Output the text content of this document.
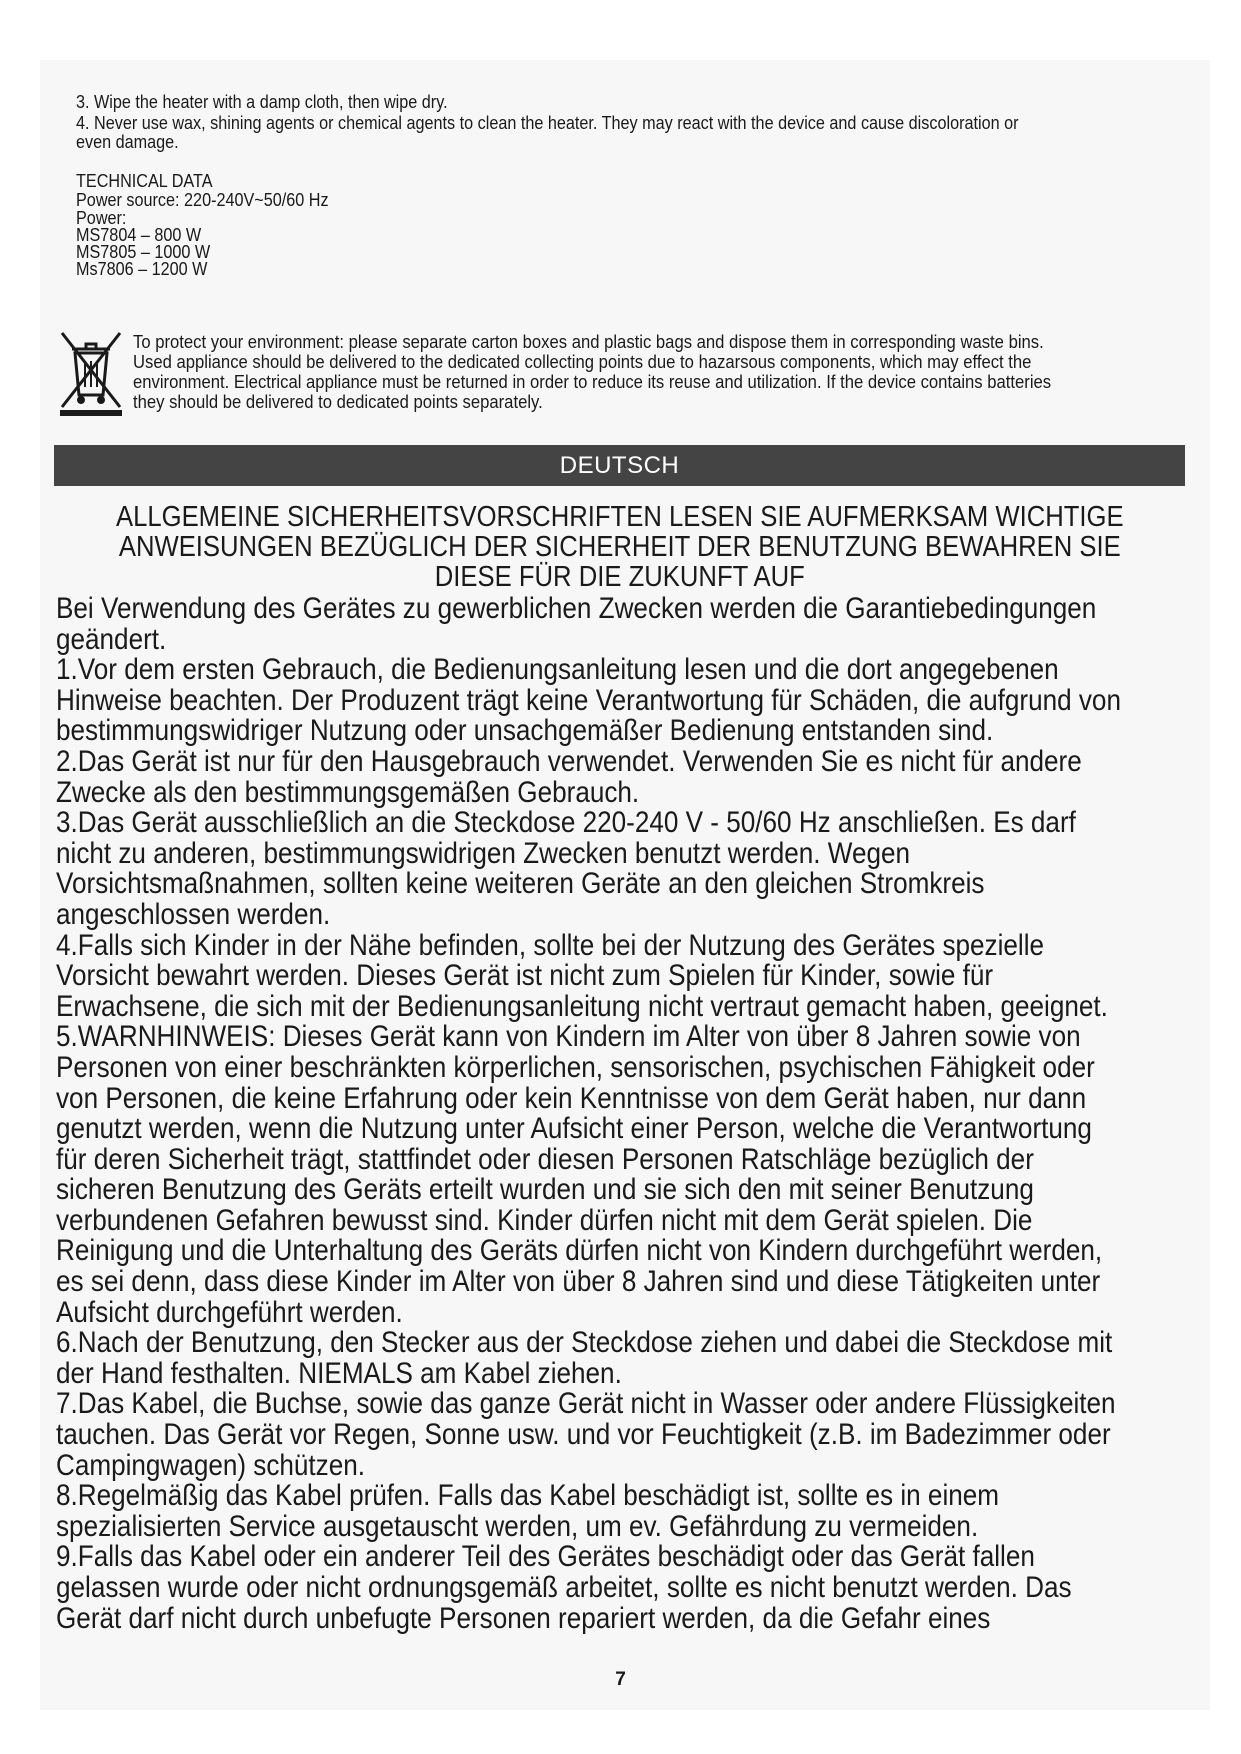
3. Wipe the heater with a damp cloth, then wipe dry.

4. Never use wax, shining agents or chemical agents to clean the heater. They may react with the device and cause discoloration or

even damage.

TECHNICAL DATA

Power source: 220-240V~50/60 Hz

Power:

MS7804 – 800 W

MS7805 – 1000 W

Ms7806 – 1200 W

To protect your environment: please separate carton boxes and plastic bags and dispose them in corresponding waste bins.

Used appliance should be delivered to the dedicated collecting points due to hazarsous components, which may effect the

environment. Electrical appliance must be returned in order to reduce its reuse and utilization. If the device contains batteries

they should be delivered to dedicated points separately.

DEUTSCH

ALLGEMEINE SICHERHEITSVORSCHRIFTEN LESEN SIE AUFMERKSAM WICHTIGE

ANWEISUNGEN BEZÜGLICH DER SICHERHEIT DER BENUTZUNG BEWAHREN SIE

DIESE FÜR DIE ZUKUNFT AUF

Bei Verwendung des Gerätes zu gewerblichen Zwecken werden die Garantiebedingungen

geändert.

1.Vor dem ersten Gebrauch, die Bedienungsanleitung lesen und die dort angegebenen

Hinweise beachten. Der Produzent trägt keine Verantwortung für Schäden, die aufgrund von

bestimmungswidriger Nutzung oder unsachgemäßer Bedienung entstanden sind.

2.Das Gerät ist nur für den Hausgebrauch verwendet. Verwenden Sie es nicht für andere

Zwecke als den bestimmungsgemäßen Gebrauch.

3.Das Gerät ausschließlich an die Steckdose 220-240 V - 50/60 Hz anschließen. Es darf

nicht zu anderen, bestimmungswidrigen Zwecken benutzt werden. Wegen

Vorsichtsmaßnahmen, sollten keine weiteren Geräte an den gleichen Stromkreis

angeschlossen werden.

4.Falls sich Kinder in der Nähe befinden, sollte bei der Nutzung des Gerätes spezielle

Vorsicht bewahrt werden. Dieses Gerät ist nicht zum Spielen für Kinder, sowie für

Erwachsene, die sich mit der Bedienungsanleitung nicht vertraut gemacht haben, geeignet.

5.WARNHINWEIS: Dieses Gerät kann von Kindern im Alter von über 8 Jahren sowie von

Personen von einer beschränkten körperlichen, sensorischen, psychischen Fähigkeit oder

von Personen, die keine Erfahrung oder kein Kenntnisse von dem Gerät haben, nur dann

genutzt werden, wenn die Nutzung unter Aufsicht einer Person, welche die Verantwortung

für deren Sicherheit trägt, stattfindet oder diesen Personen Ratschläge bezüglich der

sicheren Benutzung des Geräts erteilt wurden und sie sich den mit seiner Benutzung

verbundenen Gefahren bewusst sind. Kinder dürfen nicht mit dem Gerät spielen. Die

Reinigung und die Unterhaltung des Geräts dürfen nicht von Kindern durchgeführt werden,

es sei denn, dass diese Kinder im Alter von über 8 Jahren sind und diese Tätigkeiten unter

Aufsicht durchgeführt werden.

6.Nach der Benutzung, den Stecker aus der Steckdose ziehen und dabei die Steckdose mit

der Hand festhalten. NIEMALS am Kabel ziehen.

7.Das Kabel, die Buchse, sowie das ganze Gerät nicht in Wasser oder andere Flüssigkeiten

tauchen. Das Gerät vor Regen, Sonne usw. und vor Feuchtigkeit (z.B. im Badezimmer oder

Campingwagen) schützen.

8.Regelmäßig das Kabel prüfen. Falls das Kabel beschädigt ist, sollte es in einem

spezialisierten Service ausgetauscht werden, um ev. Gefährdung zu vermeiden.

9.Falls das Kabel oder ein anderer Teil des Gerätes beschädigt oder das Gerät fallen

gelassen wurde oder nicht ordnungsgemäß arbeitet, sollte es nicht benutzt werden. Das

Gerät darf nicht durch unbefugte Personen repariert werden, da die Gefahr eines

7
